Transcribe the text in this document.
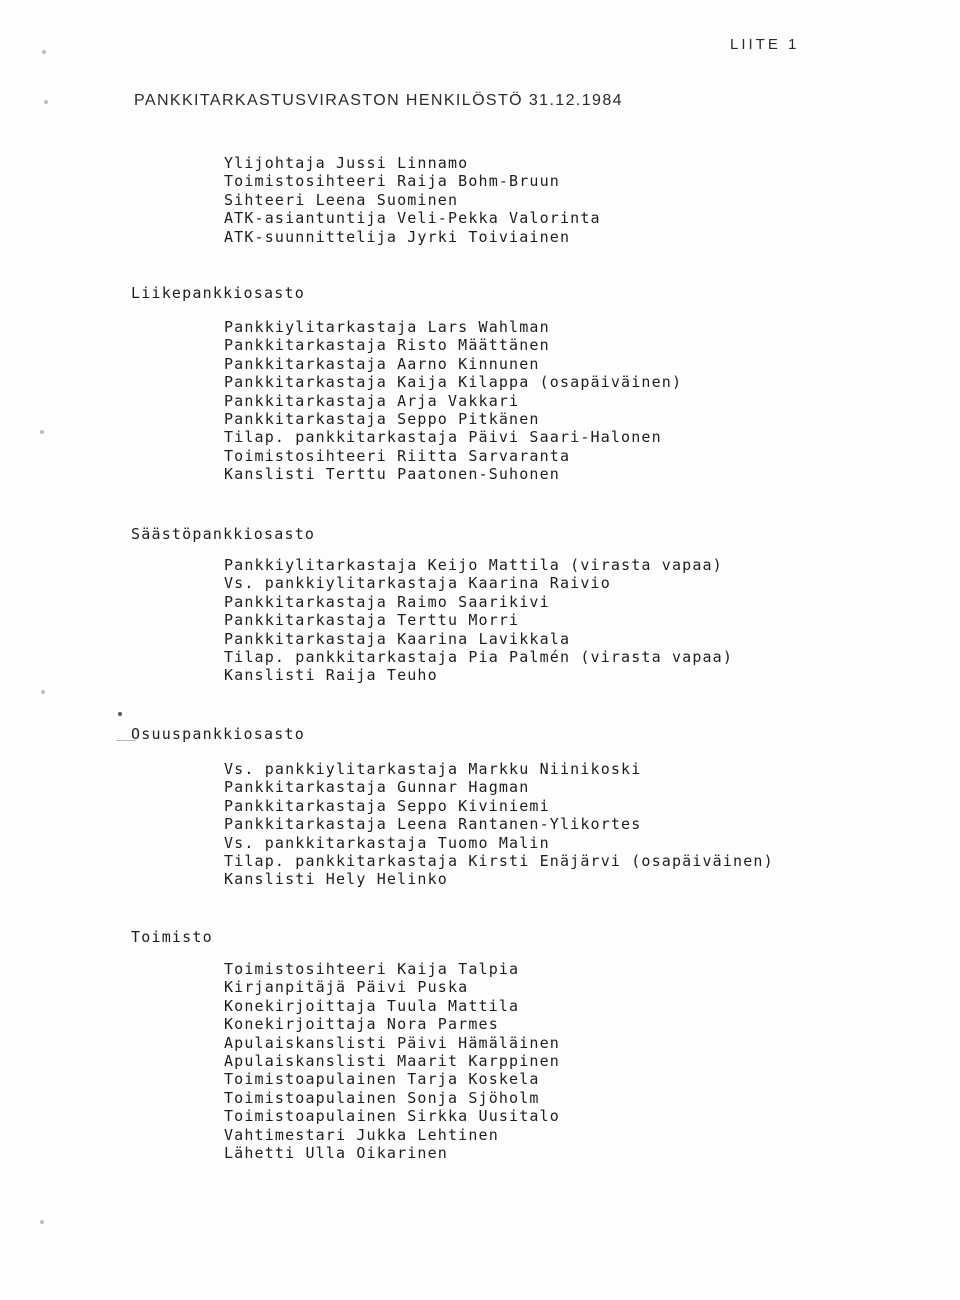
LIITE 1
PANKKITARKASTUSVIRASTON HENKILÖSTÖ 31.12.1984
Ylijohtaja Jussi Linnamo
Toimistosihteeri Raija Bohm-Bruun
Sihteeri Leena Suominen
ATK-asiantuntija Veli-Pekka Valorinta
ATK-suunnittelija Jyrki Toiviainen
Liikepankkiosasto
Pankkiylitarkastaja Lars Wahlman
Pankkitarkastaja Risto Määttänen
Pankkitarkastaja Aarno Kinnunen
Pankkitarkastaja Kaija Kilappa (osapäiväinen)
Pankkitarkastaja Arja Vakkari
Pankkitarkastaja Seppo Pitkänen
Tilap. pankkitarkastaja Päivi Saari-Halonen
Toimistosihteeri Riitta Sarvaranta
Kanslisti Terttu Paatonen-Suhonen
Säästöpankkiosasto
Pankkiylitarkastaja Keijo Mattila (virasta vapaa)
Vs. pankkiylitarkastaja Kaarina Raivio
Pankkitarkastaja Raimo Saarikivi
Pankkitarkastaja Terttu Morri
Pankkitarkastaja Kaarina Lavikkala
Tilap. pankkitarkastaja Pia Palmén (virasta vapaa)
Kanslisti Raija Teuho
Osuuspankkiosasto
Vs. pankkiylitarkastaja Markku Niinikoski
Pankkitarkastaja Gunnar Hagman
Pankkitarkastaja Seppo Kiviniemi
Pankkitarkastaja Leena Rantanen-Ylikortes
Vs. pankkitarkastaja Tuomo Malin
Tilap. pankkitarkastaja Kirsti Enäjärvi (osapäiväinen)
Kanslisti Hely Helinko
Toimisto
Toimistosihteeri Kaija Talpia
Kirjanpitäjä Päivi Puska
Konekirjoittaja Tuula Mattila
Konekirjoittaja Nora Parmes
Apulaiskanslisti Päivi Hämäläinen
Apulaiskanslisti Maarit Karppinen
Toimistoapulainen Tarja Koskela
Toimistoapulainen Sonja Sjöholm
Toimistoapulainen Sirkka Uusitalo
Vahtimestari Jukka Lehtinen
Lähetti Ulla Oikarinen
